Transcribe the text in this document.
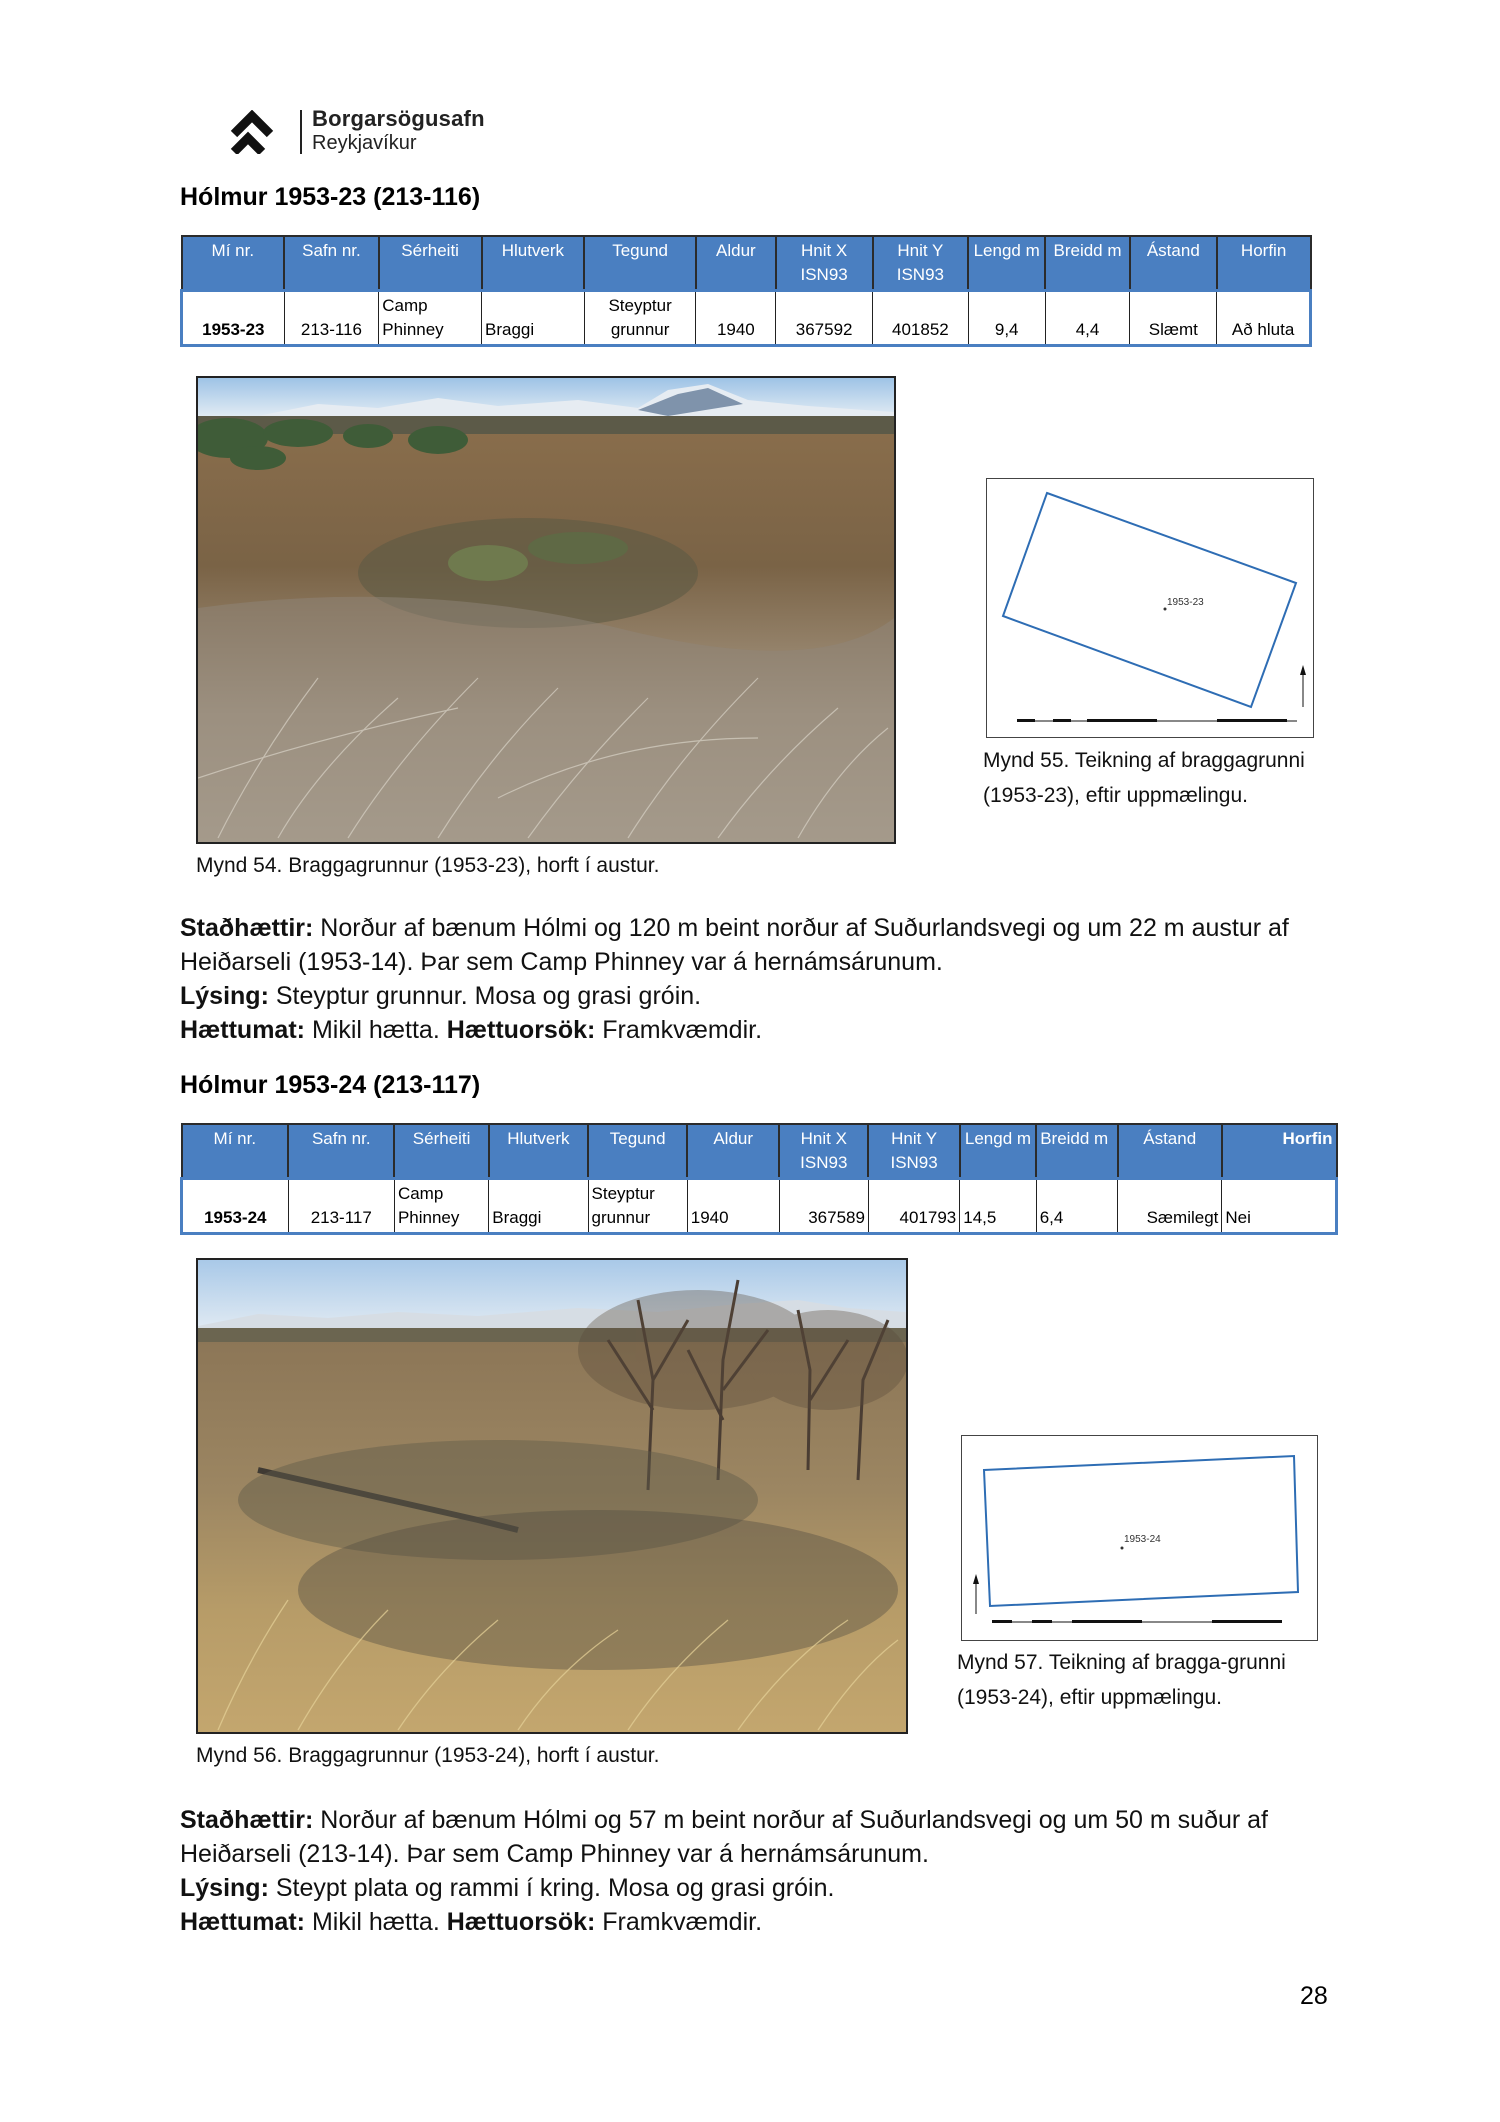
Borgarsögusafn
Reykjavíkur
Hólmur 1953-23 (213-116)
Mí nr.	Safn nr.	Sérheiti	Hlutverk	Tegund	Aldur	Hnit X ISN93	Hnit Y ISN93	Lengd m	Breidd m	Ástand	Horfin
1953-23	213-116	Camp Phinney	Braggi	Steyptur grunnur	1940	367592	401852	9,4	4,4	Slæmt	Að hluta
Mynd 54. Braggagrunnur (1953-23), horft í austur.
1953-23
Mynd 55. Teikning af braggagrunni (1953-23), eftir uppmælingu.
Staðhættir: Norður af bænum Hólmi og 120 m beint norður af Suðurlandsvegi og um 22 m austur af Heiðarseli (1953-14). Þar sem Camp Phinney var á hernámsárunum.
Lýsing: Steyptur grunnur. Mosa og grasi gróin.
Hættumat: Mikil hætta. Hættuorsök: Framkvæmdir.
Hólmur 1953-24 (213-117)
Mí nr.	Safn nr.	Sérheiti	Hlutverk	Tegund	Aldur	Hnit X ISN93	Hnit Y ISN93	Lengd m	Breidd m	Ástand	Horfin
1953-24	213-117	Camp Phinney	Braggi	Steyptur grunnur	1940	367589	401793	14,5	6,4	Sæmilegt	Nei
Mynd 56. Braggagrunnur (1953-24), horft í austur.
1953-24
Mynd 57. Teikning af bragga-grunni (1953-24), eftir uppmælingu.
Staðhættir: Norður af bænum Hólmi og 57 m beint norður af Suðurlandsvegi og um 50 m suður af Heiðarseli (213-14). Þar sem Camp Phinney var á hernámsárunum.
Lýsing: Steypt plata og rammi í kring. Mosa og grasi gróin.
Hættumat: Mikil hætta. Hættuorsök: Framkvæmdir.
28
